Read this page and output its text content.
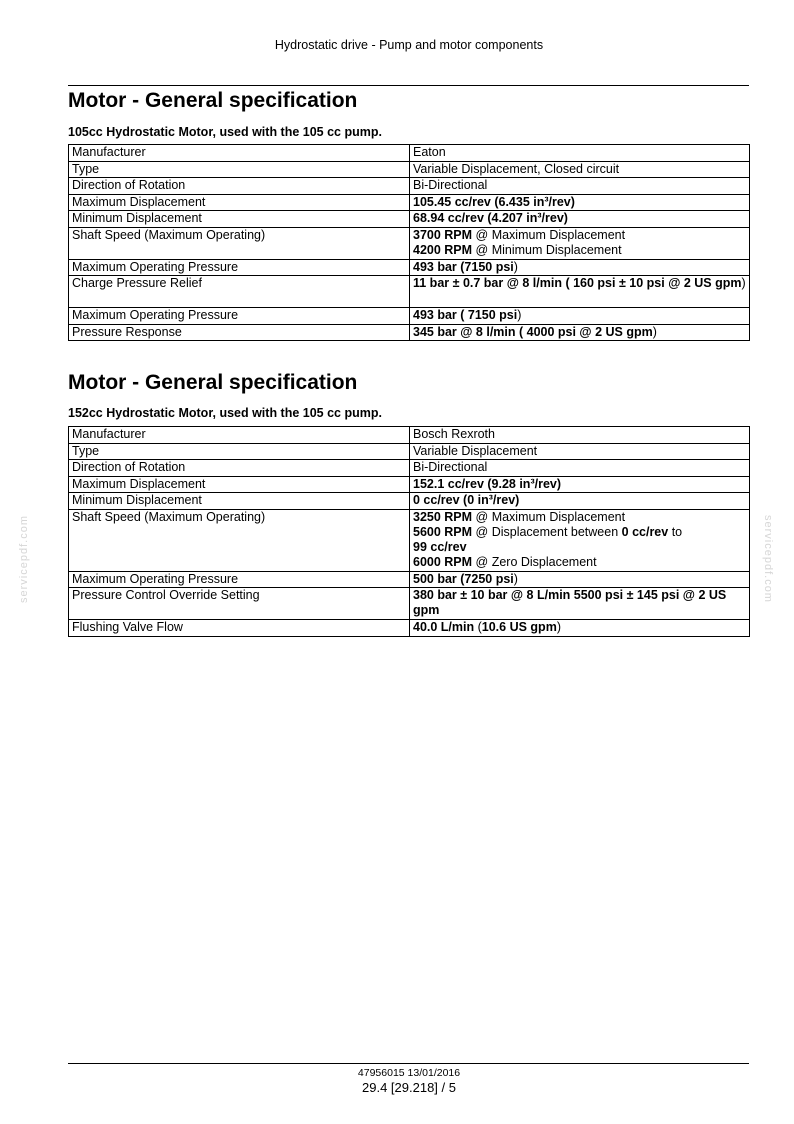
Hydrostatic drive - Pump and motor components
Motor - General specification
105cc Hydrostatic Motor, used with the 105 cc pump.
Manufacturer	Eaton
Type	Variable Displacement, Closed circuit
Direction of Rotation	Bi-Directional
Maximum Displacement	105.45 cc/rev (6.435 in³/rev)
Minimum Displacement	68.94 cc/rev (4.207 in³/rev)
Shaft Speed (Maximum Operating)	3700 RPM @ Maximum Displacement
4200 RPM @ Minimum Displacement
Maximum Operating Pressure	493 bar (7150 psi)
Charge Pressure Relief	11 bar ± 0.7 bar @ 8 l/min ( 160 psi ± 10 psi @ 2 US gpm)
Maximum Operating Pressure	493 bar ( 7150 psi)
Pressure Response	345 bar @ 8 l/min ( 4000 psi @ 2 US gpm)
Motor - General specification
152cc Hydrostatic Motor, used with the 105 cc pump.
Manufacturer	Bosch Rexroth
Type	Variable Displacement
Direction of Rotation	Bi-Directional
Maximum Displacement	152.1 cc/rev (9.28 in³/rev)
Minimum Displacement	0 cc/rev (0 in³/rev)
Shaft Speed (Maximum Operating)	3250 RPM @ Maximum Displacement
5600 RPM @ Displacement between 0 cc/rev to
99 cc/rev
6000 RPM @ Zero Displacement
Maximum Operating Pressure	500 bar (7250 psi)
Pressure Control Override Setting	380 bar ± 10 bar @ 8 L/min 5500 psi ± 145 psi @ 2 US gpm
Flushing Valve Flow	40.0 L/min (10.6 US gpm)
servicepdf.com	servicepdf.com
47956015 13/01/2016
29.4 [29.218] / 5
